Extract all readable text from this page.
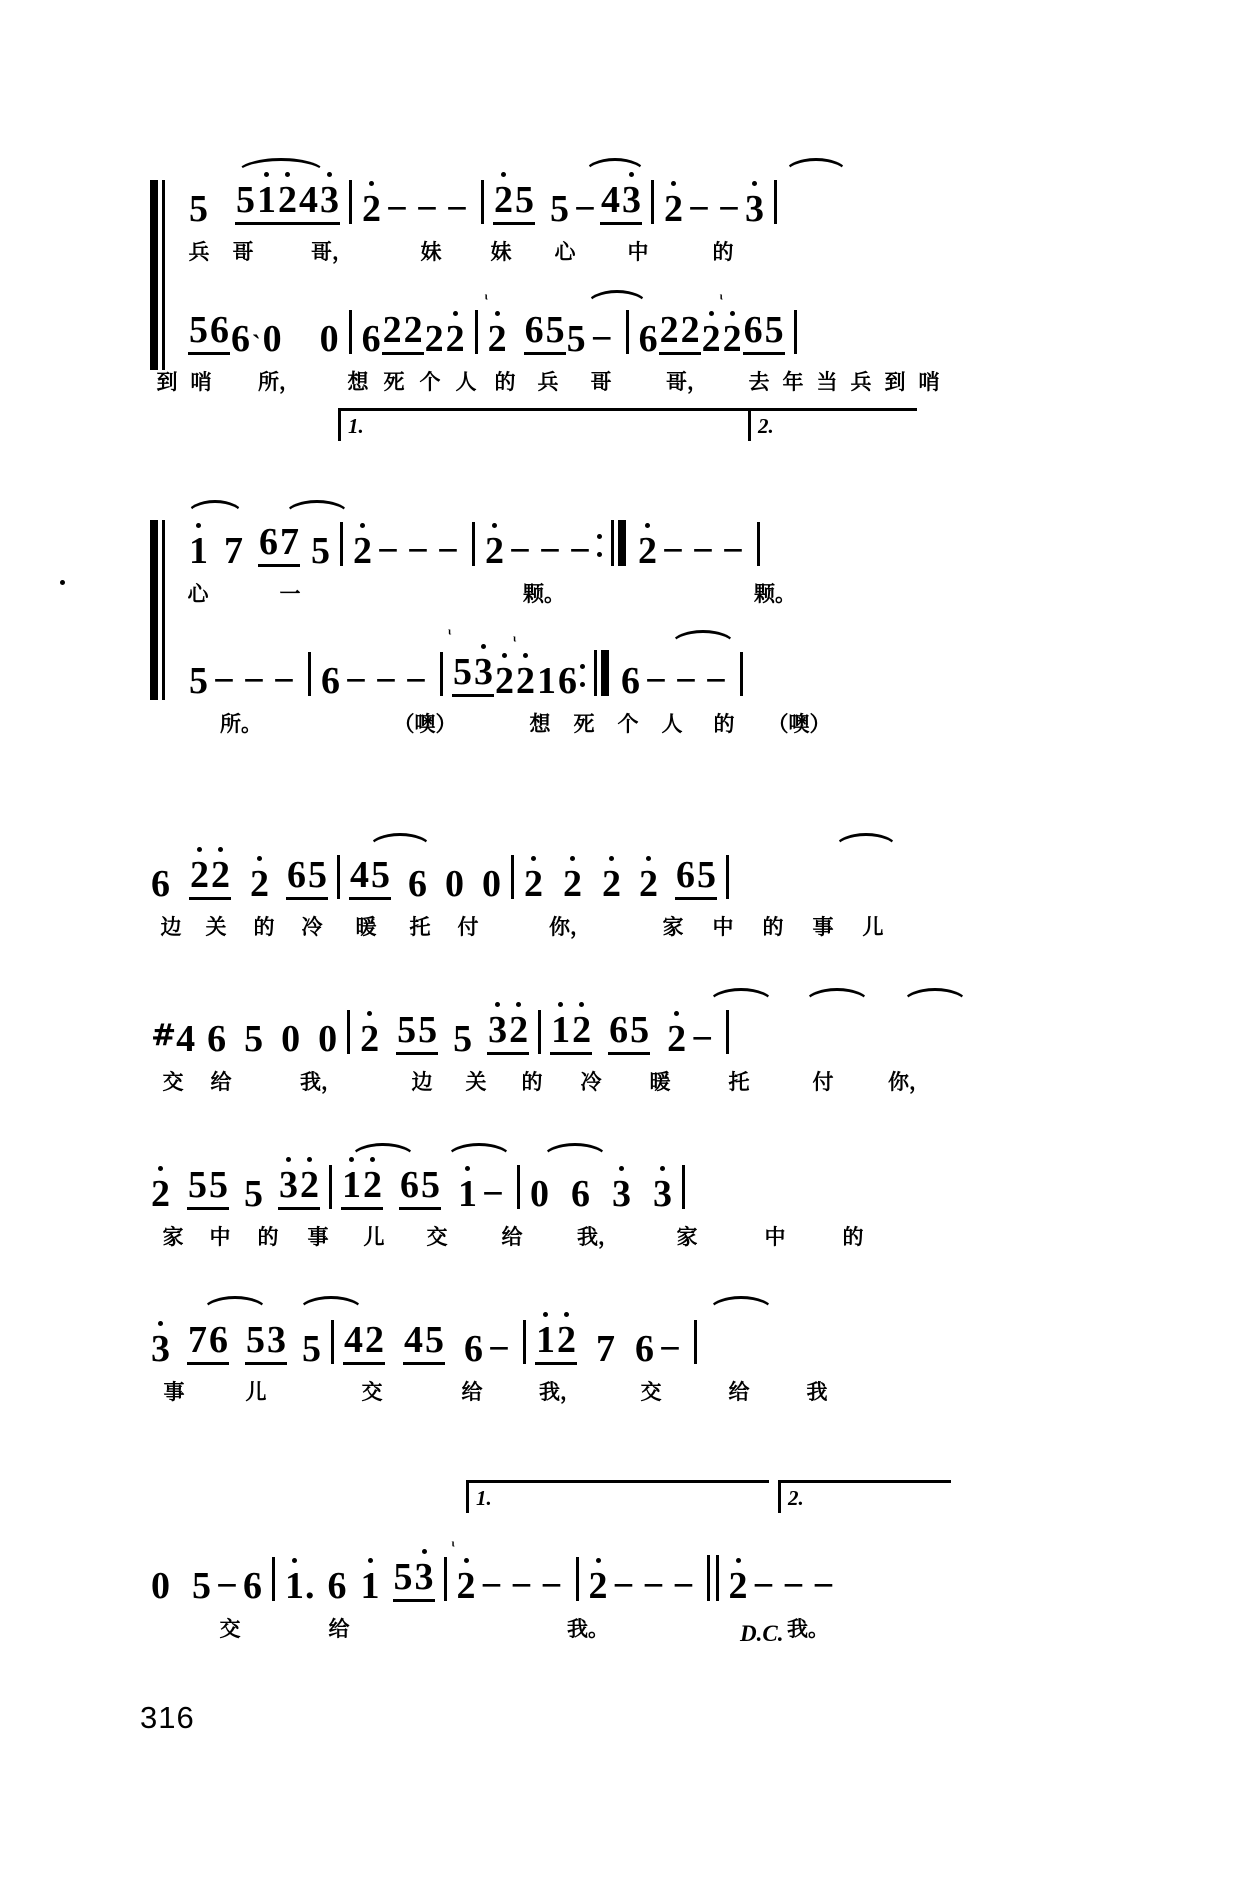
5 5 1 2 4 3 2 − − − 2 5 5 − 4 3 2 − − 3
兵	哥	哥，	妹	妹	心	中	的
5 6 6 ˋ 0 0 6 2 2 2 2 2
ᶥ
6 5 5 − 6 2 2 2 2
ᶥ
6 5
到 哨	所，	想 死 个 人 的	兵	哥	哥，	去 年 当 兵 到 哨
1.	2.
1 7 6 7 5 2 − − − 2 − − − 2 − − −
心	一	颗。	颗。
5 − − − 6 − − − 5
ᶥ
3 2 2
ᶥ
1 6 6 − − −
所。	（噢）	想	死	个	人	的	（噢）
6 2 2 2 6 5 4 5 6 0 0 2 2 2 2 6 5
边	关	的	冷	暖	托	付	你，	家	中	的	事	儿
#4 6 5 0 0 2 5 5 5 3 2 1 2 6 5 2 −
交	给	我，	边	关	的	冷	暖	托	付	你，
2 5 5 5 3 2 1 2 6 5 1 − 0 6 3 3
家	中	的	事	儿	交	给	我，	家	中	的
3 7 6 5 3 5 4 2 4 5 6 − 1 2 7 6 −
事	儿	交	给	我，	交	给	我
1.	2.
0 5 − 6 1 . 6 1 5 3 2
ᶥ
− − − 2 − − − 2 − − −
交	给	我。	我。
D.C.
316
